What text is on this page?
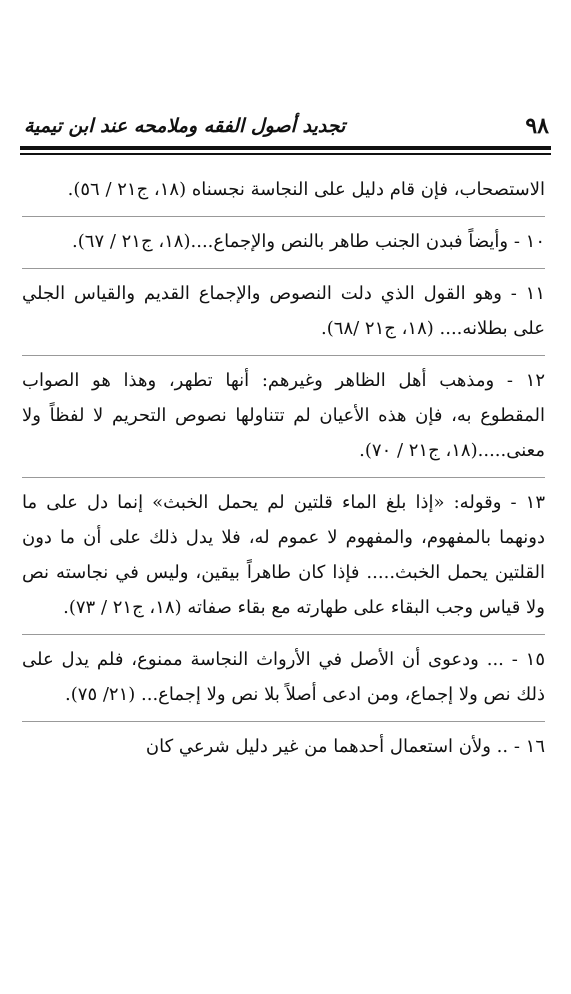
٩٨
تجديد أصول الفقه وملامحه عند ابن تيمية

الاستصحاب، فإن قام دليل على النجاسة نجسناه (١٨، ج٢١ / ٥٦).

١٠ - وأيضاً فبدن الجنب طاهر بالنص والإجماع....(١٨، ج٢١ / ٦٧).

١١ - وهو القول الذي دلت النصوص والإجماع القديم والقياس الجلي على بطلانه.... (١٨، ج٢١ /٦٨).

١٢ - ومذهب أهل الظاهر وغيرهم: أنها تطهر، وهذا هو الصواب المقطوع به، فإن هذه الأعيان لم تتناولها نصوص التحريم لا لفظاً ولا معنى.....(١٨، ج٢١ / ٧٠).

١٣ - وقوله: «إذا بلغ الماء قلتين لم يحمل الخبث» إنما دل على ما دونهما بالمفهوم، والمفهوم لا عموم له، فلا يدل ذلك على أن ما دون القلتين يحمل الخبث..... فإذا كان طاهراً بيقين، وليس في نجاسته نص ولا قياس وجب البقاء على طهارته مع بقاء صفاته (١٨، ج٢١ / ٧٣).

١٥ - ... ودعوى أن الأصل في الأرواث النجاسة ممنوع، فلم يدل على ذلك نص ولا إجماع، ومن ادعى أصلاً بلا نص ولا إجماع... (٢١/ ٧٥).

١٦ - .. ولأن استعمال أحدهما من غير دليل شرعي كان
